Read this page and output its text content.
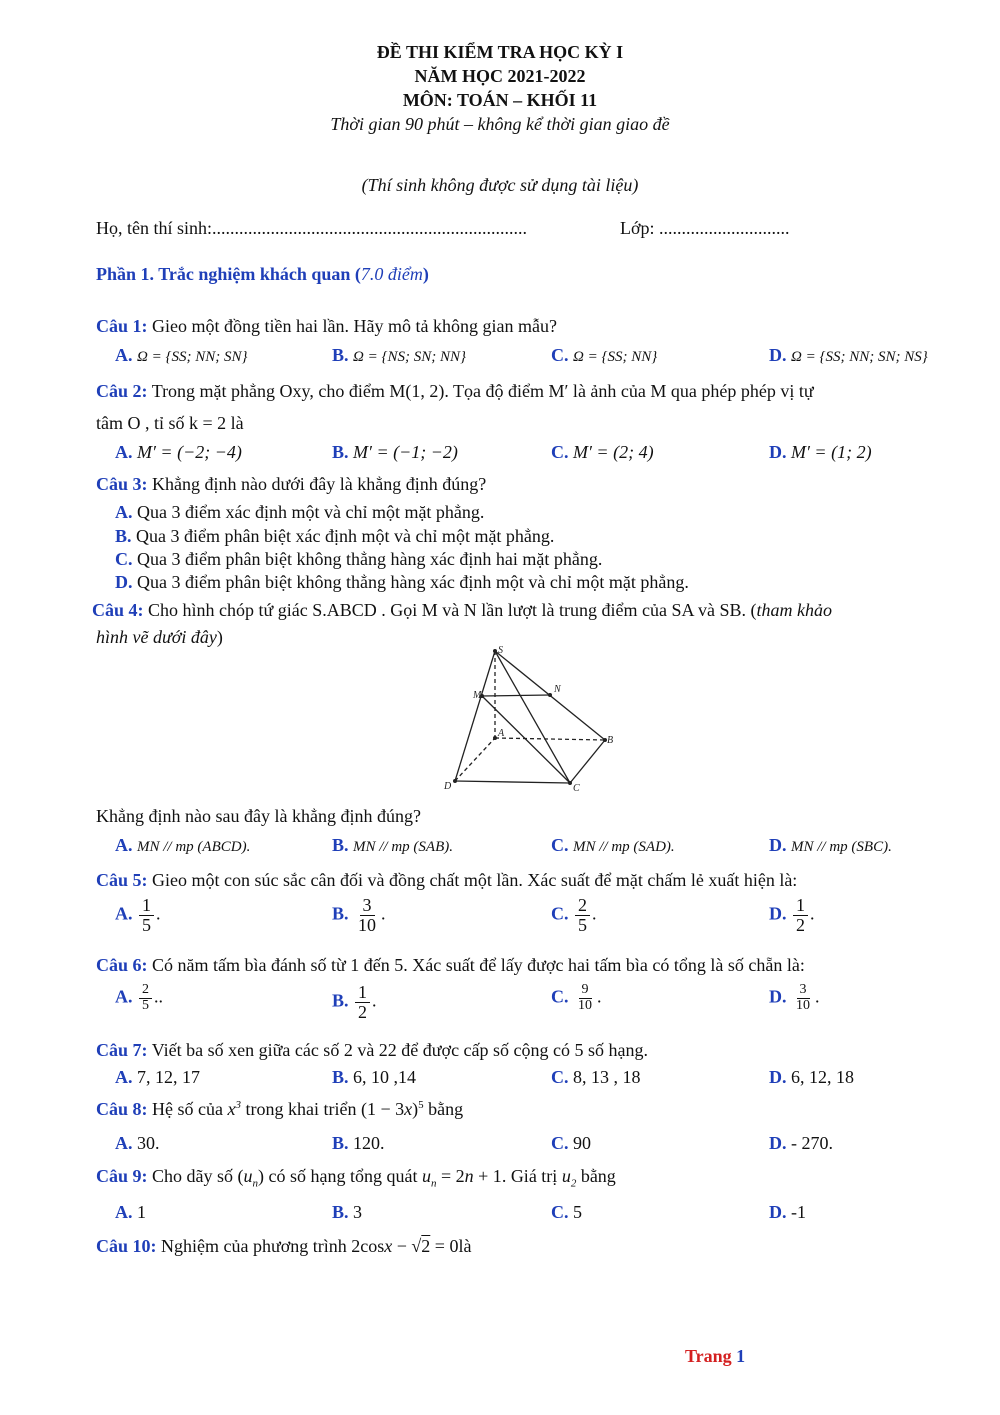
ĐỀ THI KIỂM TRA HỌC KỲ I
NĂM HỌC 2021-2022
MÔN: TOÁN – KHỐI 11
Thời gian 90 phút – không kể thời gian giao đề
(Thí sinh không được sử dụng tài liệu)
Họ, tên thí sinh:......................................................................	Lớp: .............................
Phần 1. Trắc nghiệm khách quan (7.0 điểm)
Câu 1: Gieo một đồng tiền hai lần. Hãy mô tả không gian mẫu?
A. Ω = {SS; NN; SN}	B. Ω = {NS; SN; NN}	C. Ω = {SS; NN}	D. Ω = {SS; NN; SN; NS}
Câu 2: Trong mặt phẳng Oxy, cho điểm M(1, 2). Tọa độ điểm M′ là ảnh của M qua phép phép vị tự
tâm O , tỉ số k = 2 là
A. M′ = (−2; −4)	B. M′ = (−1; −2)	C. M′ = (2; 4)	D. M′ = (1; 2)
Câu 3: Khẳng định nào dưới đây là khẳng định đúng?
A. Qua 3 điểm xác định một và chỉ một mặt phẳng.
B. Qua 3 điểm phân biệt xác định một và chỉ một mặt phẳng.
C. Qua 3 điểm phân biệt không thẳng hàng xác định hai mặt phẳng.
D. Qua 3 điểm phân biệt không thẳng hàng xác định một và chỉ một mặt phẳng.
Câu 4: Cho hình chóp tứ giác S.ABCD . Gọi M và N lần lượt là trung điểm của SA và SB. (tham khảo
hình vẽ dưới đây)
S
M
N
A
B
C
D
Khẳng định nào sau đây là khẳng định đúng?
A. MN // mp (ABCD).	B. MN // mp (SAB).	C. MN // mp (SAD).	D. MN // mp (SBC).
Câu 5: Gieo một con súc sắc cân đối và đồng chất một lần. Xác suất để mặt chấm lẻ xuất hiện là:
A. $\frac{1}{5}$ .	B. $\frac{3}{10}$ .	C. $\frac{2}{5}$ .	D. $\frac{1}{2}$ .
Câu 6: Có năm tấm bìa đánh số từ 1 đến 5. Xác suất để lấy được hai tấm bìa có tổng là số chẵn là:
A. $\frac{2}{5}$ ..	B. $\frac{1}{2}$ .	C. $\frac{9}{10}$ .	D. $\frac{3}{10}$ .
Câu 7: Viết ba số xen giữa các số 2 và 22 để được cấp số cộng có 5 số hạng.
A. 7, 12, 17	B. 6, 10 ,14	C. 8, 13 , 18	D. 6, 12, 18
Câu 8: Hệ số của $x^3$ trong khai triển $(1 - 3x)^5$ bằng
A. 30.	B. 120.	C. 90	D. - 270.
Câu 9: Cho dãy số $(u_n)$ có số hạng tổng quát $u_n = 2n + 1$. Giá trị $u_2$ bằng
A. 1	B. 3	C. 5	D. -1
Câu 10: Nghiệm của phương trình 2cosx − √2 = 0là
Trang 1
